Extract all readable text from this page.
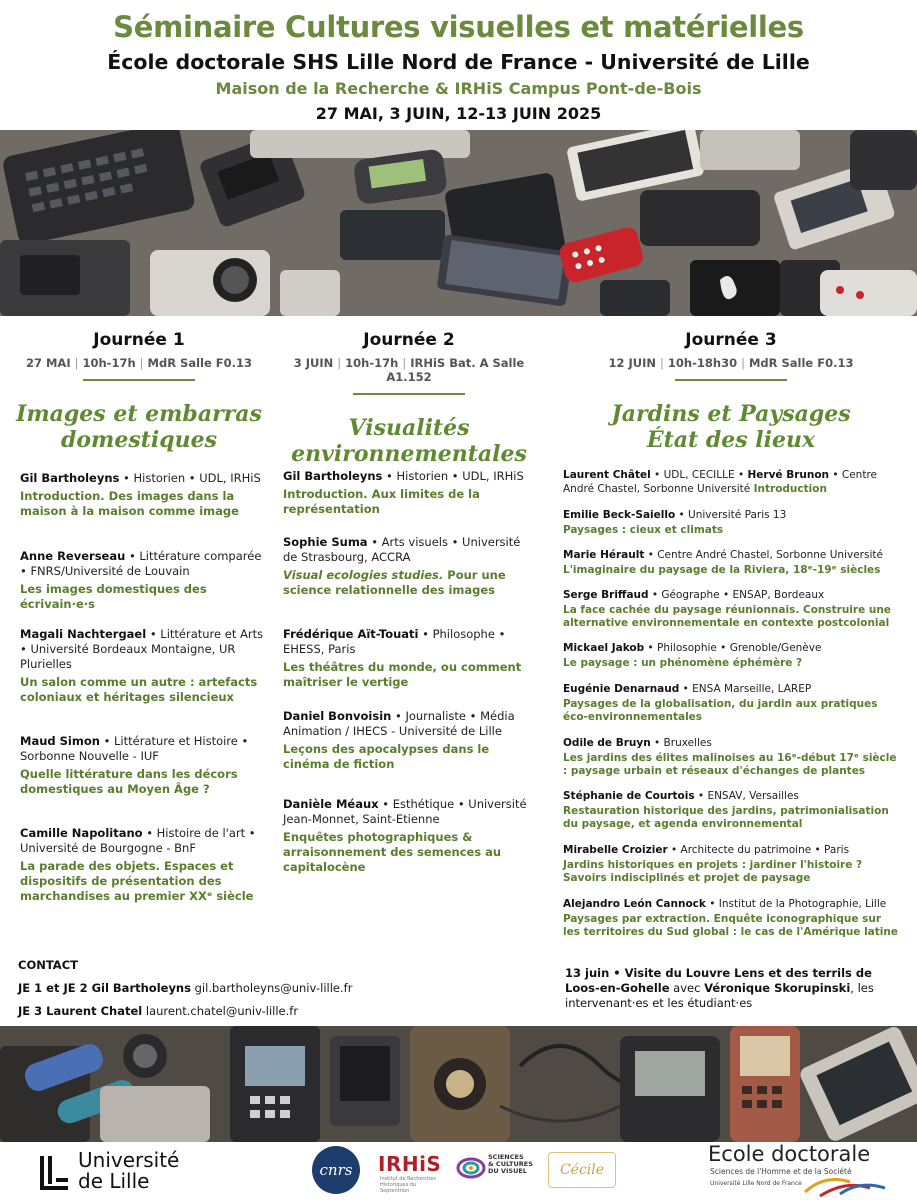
Séminaire Cultures visuelles et matérielles
École doctorale SHS Lille Nord de France - Université de Lille
Maison de la Recherche & IRHiS Campus Pont-de-Bois
27 MAI, 3 JUIN, 12-13 JUIN 2025
Journée 1
27 MAI | 10h-17h | MdR Salle F0.13
Images et embarras
domestiques
Journée 2
3 JUIN | 10h-17h | IRHiS Bat. A Salle A1.152
Visualités
environnementales
Journée 3
12 JUIN | 10h-18h30 | MdR Salle F0.13
Jardins et Paysages
État des lieux
Gil Bartholeyns • Historien • UDL, IRHiS
Introduction. Des images dans la maison à la maison comme image
Anne Reverseau • Littérature comparée • FNRS/Université de Louvain
Les images domestiques des écrivain·e·s
Magali Nachtergael • Littérature et Arts • Université Bordeaux Montaigne, UR Plurielles
Un salon comme un autre : artefacts coloniaux et héritages silencieux
Maud Simon • Littérature et Histoire • Sorbonne Nouvelle - IUF
Quelle littérature dans les décors domestiques au Moyen Âge ?
Camille Napolitano • Histoire de l'art • Université de Bourgogne - BnF
La parade des objets. Espaces et dispositifs de présentation des marchandises au premier XXᵉ siècle
Gil Bartholeyns • Historien • UDL, IRHiS
Introduction. Aux limites de la représentation
Sophie Suma • Arts visuels • Université de Strasbourg, ACCRA
Visual ecologies studies. Pour une science relationnelle des images
Frédérique Aït-Touati • Philosophe • EHESS, Paris
Les théâtres du monde, ou comment maîtriser le vertige
Daniel Bonvoisin • Journaliste • Média Animation / IHECS - Université de Lille
Leçons des apocalypses dans le cinéma de fiction
Danièle Méaux • Esthétique • Université Jean-Monnet, Saint-Etienne
Enquêtes photographiques & arraisonnement des semences au capitalocène
Laurent Châtel • UDL, CECILLE • Hervé Brunon • Centre André Chastel, Sorbonne Université Introduction
Emilie Beck-Saiello • Université Paris 13
Paysages : cieux et climats
Marie Hérault • Centre André Chastel, Sorbonne Université
L'imaginaire du paysage de la Riviera, 18ᵉ-19ᵉ siècles
Serge Briffaud • Géographe • ENSAP, Bordeaux
La face cachée du paysage réunionnais. Construire une alternative environnementale en contexte postcolonial
Mickael Jakob • Philosophie • Grenoble/Genève
Le paysage : un phénomène éphémère ?
Eugénie Denarnaud • ENSA Marseille, LAREP
Paysages de la globalisation, du jardin aux pratiques éco-environnementales
Odile de Bruyn • Bruxelles
Les jardins des élites malinoises au 16ᵉ-début 17ᵉ siècle : paysage urbain et réseaux d'échanges de plantes
Stéphanie de Courtois • ENSAV, Versailles
Restauration historique des jardins, patrimonialisation du paysage, et agenda environnemental
Mirabelle Croizier • Architecte du patrimoine • Paris
Jardins historiques en projets : jardiner l'histoire ? Savoirs indisciplinés et projet de paysage
Alejandro León Cannock • Institut de la Photographie, Lille
Paysages par extraction. Enquête iconographique sur les territoires du Sud global : le cas de l'Amérique latine
CONTACT
JE 1 et JE 2 Gil Bartholeyns gil.bartholeyns@univ-lille.fr
JE 3 Laurent Chatel laurent.chatel@univ-lille.fr
13 juin • Visite du Louvre Lens et des terrils de Loos-en-Gohelle avec Véronique Skorupinski, les intervenant·es et les étudiant·es
Université
de Lille	cnrs	IRHiS
Institut de Recherches Historiques du Septentrion
SCIENCES
& CULTURES
DU VISUEL	Cécile
Ecole doctorale
Sciences de l'Homme et de la Société
Université Lille Nord de France
